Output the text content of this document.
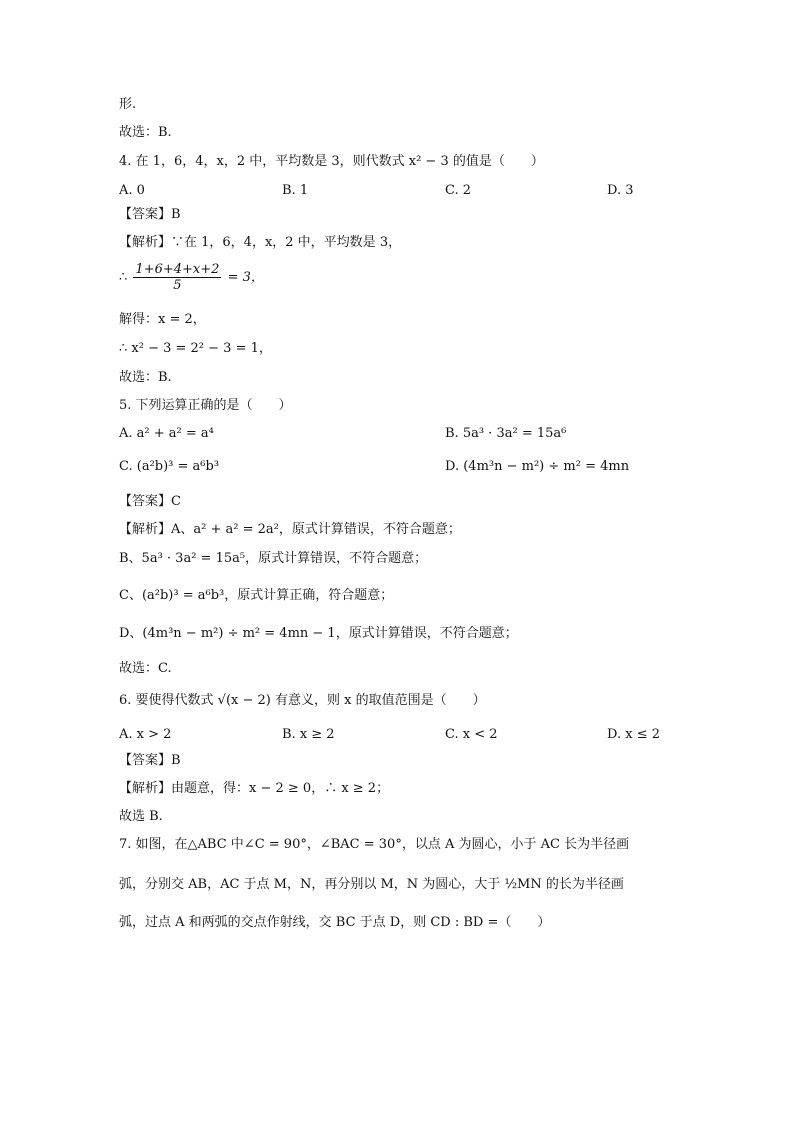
形.
故选：B.
4. 在 1，6，4，x，2 中，平均数是 3，则代数式 x² − 3 的值是（　　）
A. 0	B. 1	C. 2	D. 3
【答案】B
【解析】∵在 1，6，4，x，2 中，平均数是 3，
∴ $\frac{1+6+4+x+2}{5} = 3$，
解得：x = 2，
∴ x² − 3 = 2² − 3 = 1，
故选：B.
5. 下列运算正确的是（　　）
A. a² + a² = a⁴	B. 5a³ · 3a² = 15a⁶
C. (a²b)³ = a⁶b³	D. (4m³n − m²) ÷ m² = 4mn
【答案】C
【解析】A、a² + a² = 2a²，原式计算错误，不符合题意；
B、5a³ · 3a² = 15a⁵，原式计算错误，不符合题意；
C、(a²b)³ = a⁶b³，原式计算正确，符合题意；
D、(4m³n − m²) ÷ m² = 4mn − 1，原式计算错误，不符合题意；
故选：C.
6. 要使得代数式 √(x − 2) 有意义，则 x 的取值范围是（　　）
A. x > 2	B. x ≥ 2	C. x < 2	D. x ≤ 2
【答案】B
【解析】由题意，得：x − 2 ≥ 0，∴ x ≥ 2；
故选 B.
7. 如图，在△ABC 中∠C = 90°，∠BAC = 30°，以点 A 为圆心，小于 AC 长为半径画
弧，分别交 AB，AC 于点 M，N，再分别以 M，N 为圆心，大于 ½MN 的长为半径画
弧，过点 A 和两弧的交点作射线，交 BC 于点 D，则 CD : BD =（　　）
